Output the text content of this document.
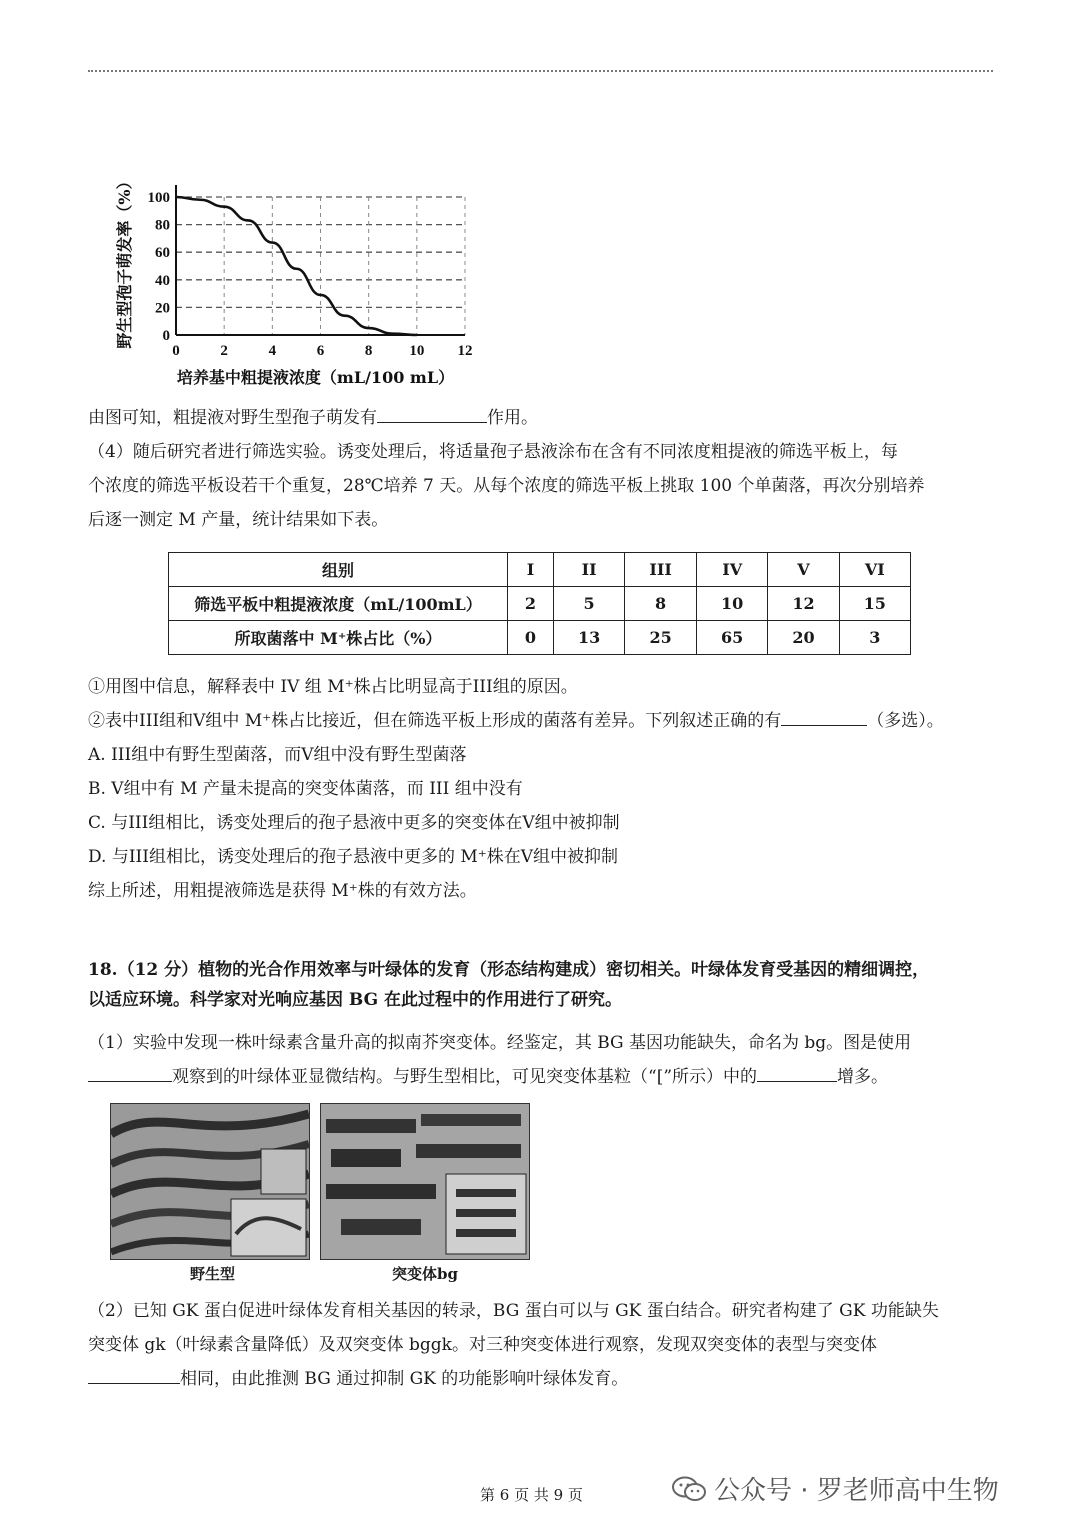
0	2	4	6	8 10 12
0
20
40
60
80
100
培养基中粗提液浓度（mL/100 mL）
野生型孢子萌发率（%）

由图可知，粗提液对野生型孢子萌发有	作用。

（4）随后研究者进行筛选实验。诱变处理后，将适量孢子悬液涂布在含有不同浓度粗提液的筛选平板上，每

个浓度的筛选平板设若干个重复，28℃培养 7 天。从每个浓度的筛选平板上挑取 100 个单菌落，再次分别培养

后逐一测定 M 产量，统计结果如下表。

组别	I	II	III	IV	V	VI
筛选平板中粗提液浓度（mL/100mL）	2	5	8	10	12	15
所取菌落中 M⁺株占比（%）	0	13	25	65	20	3

①用图中信息，解释表中 IV 组 M⁺株占比明显高于III组的原因。

②表中III组和Ⅴ组中 M⁺株占比接近，但在筛选平板上形成的菌落有差异。下列叙述正确的有	（多选）。

A. III组中有野生型菌落，而Ⅴ组中没有野生型菌落

B. Ⅴ组中有 M 产量未提高的突变体菌落，而 III 组中没有

C. 与III组相比，诱变处理后的孢子悬液中更多的突变体在Ⅴ组中被抑制

D. 与III组相比，诱变处理后的孢子悬液中更多的 M⁺株在Ⅴ组中被抑制

综上所述，用粗提液筛选是获得 M⁺株的有效方法。

18.（12 分）植物的光合作用效率与叶绿体的发育（形态结构建成）密切相关。叶绿体发育受基因的精细调控，

以适应环境。科学家对光响应基因 BG 在此过程中的作用进行了研究。

（1）实验中发现一株叶绿素含量升高的拟南芥突变体。经鉴定，其 BG 基因功能缺失，命名为 bg。图是使用

观察到的叶绿体亚显微结构。与野生型相比，可见突变体基粒（“[”所示）中的	增多。

野生型	突变体bg

（2）已知 GK 蛋白促进叶绿体发育相关基因的转录，BG 蛋白可以与 GK 蛋白结合。研究者构建了 GK 功能缺失

突变体 gk（叶绿素含量降低）及双突变体 bggk。对三种突变体进行观察，发现双突变体的表型与突变体

相同，由此推测 BG 通过抑制 GK 的功能影响叶绿体发育。

第 6 页 共 9 页	公众号 · 罗老师高中生物
